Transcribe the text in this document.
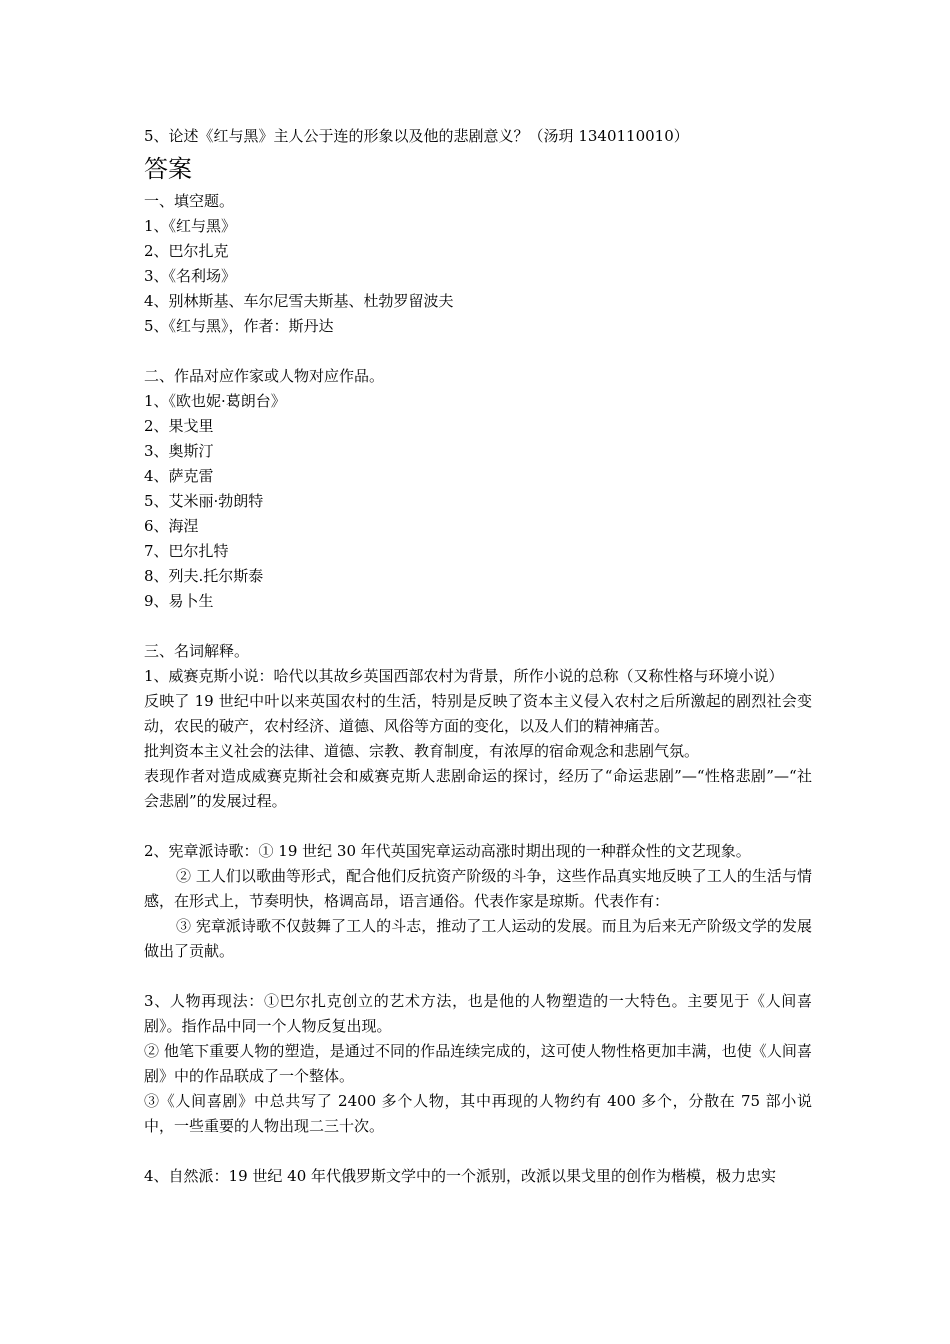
5、论述《红与黑》主人公于连的形象以及他的悲剧意义？（汤玥 1340110010）

答案

一、填空题。

1、《红与黑》

2、巴尔扎克

3、《名利场》

4、别林斯基、车尔尼雪夫斯基、杜勃罗留波夫

5、《红与黑》，作者：斯丹达

二、作品对应作家或人物对应作品。

1、《欧也妮·葛朗台》

2、果戈里

3、奥斯汀

4、萨克雷

5、艾米丽·勃朗特

6、海涅

7、巴尔扎特

8、列夫.托尔斯泰

9、易卜生

三、名词解释。

1、威赛克斯小说：哈代以其故乡英国西部农村为背景，所作小说的总称（又称性格与环境小说）

反映了 19 世纪中叶以来英国农村的生活，特别是反映了资本主义侵入农村之后所激起的剧烈社会变动，农民的破产，农村经济、道德、风俗等方面的变化，以及人们的精神痛苦。

批判资本主义社会的法律、道德、宗教、教育制度，有浓厚的宿命观念和悲剧气氛。

表现作者对造成威赛克斯社会和威赛克斯人悲剧命运的探讨，经历了“命运悲剧”—“性格悲剧”—“社会悲剧”的发展过程。

2、宪章派诗歌：① 19 世纪 30 年代英国宪章运动高涨时期出现的一种群众性的文艺现象。

② 工人们以歌曲等形式，配合他们反抗资产阶级的斗争，这些作品真实地反映了工人的生活与情感，在形式上，节奏明快，格调高昂，语言通俗。代表作家是琼斯。代表作有：

③ 宪章派诗歌不仅鼓舞了工人的斗志，推动了工人运动的发展。而且为后来无产阶级文学的发展做出了贡献。

3、人物再现法：①巴尔扎克创立的艺术方法，也是他的人物塑造的一大特色。主要见于《人间喜剧》。指作品中同一个人物反复出现。

② 他笔下重要人物的塑造，是通过不同的作品连续完成的，这可使人物性格更加丰满，也使《人间喜剧》中的作品联成了一个整体。

③《人间喜剧》中总共写了 2400 多个人物，其中再现的人物约有 400 多个，分散在 75 部小说中，一些重要的人物出现二三十次。

4、自然派：19 世纪 40 年代俄罗斯文学中的一个派别，改派以果戈里的创作为楷模，极力忠实
